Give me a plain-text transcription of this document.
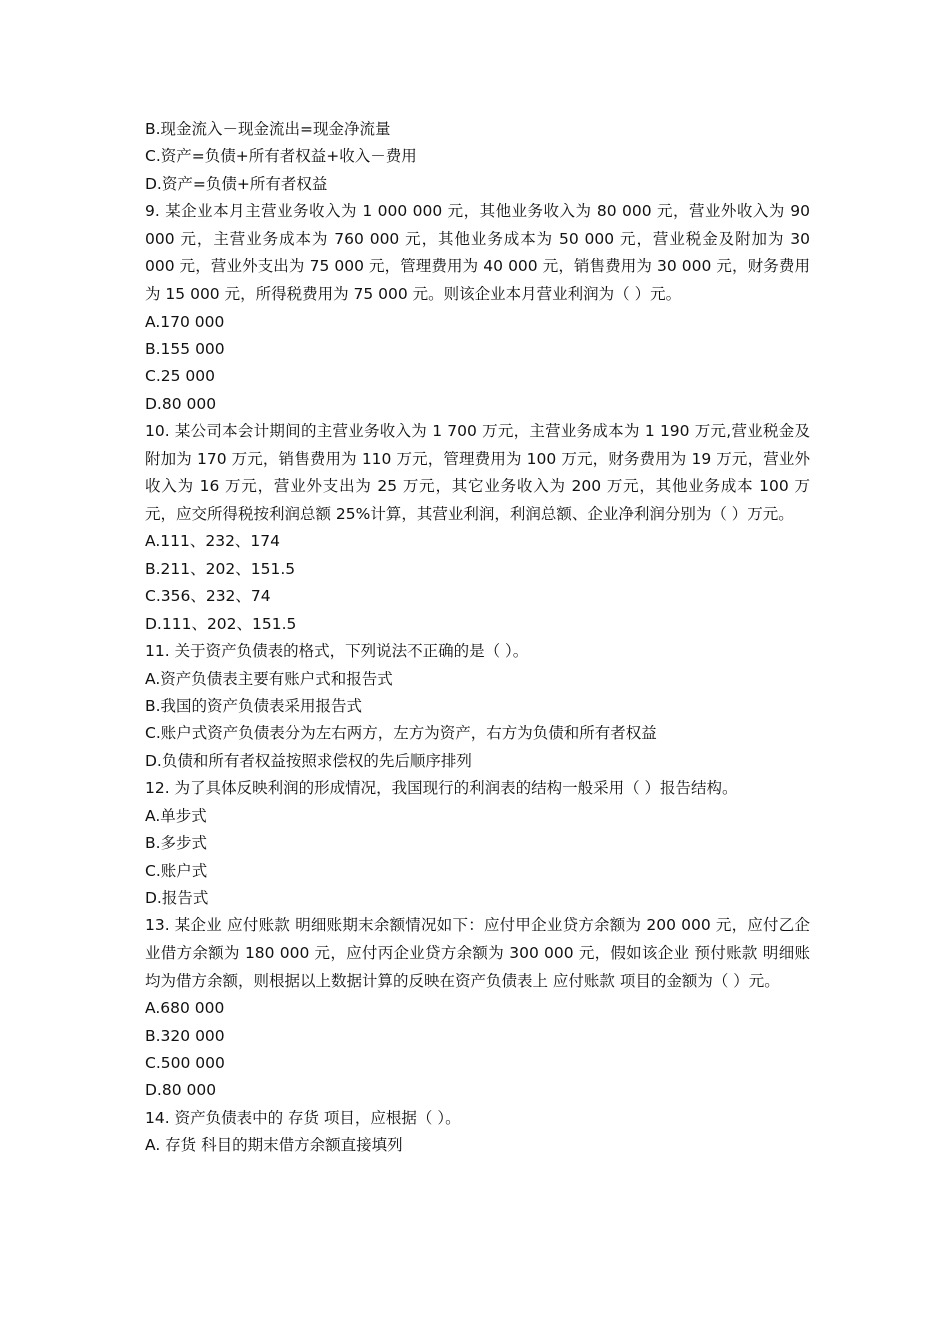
B.现金流入－现金流出=现金净流量
C.资产=负债+所有者权益+收入－费用
D.资产=负债+所有者权益
9. 某企业本月主营业务收入为 1 000 000 元，其他业务收入为 80 000 元，营业外收入为 90 000 元，主营业务成本为 760 000 元，其他业务成本为 50 000 元，营业税金及附加为 30 000 元，营业外支出为 75 000 元，管理费用为 40 000 元，销售费用为 30 000 元，财务费用为 15 000 元，所得税费用为 75 000 元。则该企业本月营业利润为（ ）元。
A.170 000
B.155 000
C.25 000
D.80 000
10. 某公司本会计期间的主营业务收入为 1 700 万元，主营业务成本为 1 190 万元,营业税金及附加为 170 万元，销售费用为 110 万元，管理费用为 100 万元，财务费用为 19 万元，营业外收入为 16 万元，营业外支出为 25 万元，其它业务收入为 200 万元，其他业务成本 100 万元，应交所得税按利润总额 25%计算，其营业利润，利润总额、企业净利润分别为（ ）万元。
A.111、232、174
B.211、202、151.5
C.356、232、74
D.111、202、151.5
11. 关于资产负债表的格式，下列说法不正确的是（ ）。
A.资产负债表主要有账户式和报告式
B.我国的资产负债表采用报告式
C.账户式资产负债表分为左右两方，左方为资产，右方为负债和所有者权益
D.负债和所有者权益按照求偿权的先后顺序排列
12. 为了具体反映利润的形成情况，我国现行的利润表的结构一般采用（ ）报告结构。
A.单步式
B.多步式
C.账户式
D.报告式
13. 某企业 应付账款 明细账期末余额情况如下：应付甲企业贷方余额为 200 000 元，应付乙企业借方余额为 180 000 元，应付丙企业贷方余额为 300 000 元，假如该企业 预付账款 明细账均为借方余额，则根据以上数据计算的反映在资产负债表上 应付账款 项目的金额为（ ）元。
A.680 000
B.320 000
C.500 000
D.80 000
14. 资产负债表中的 存货 项目，应根据（ ）。
A. 存货 科目的期末借方余额直接填列
